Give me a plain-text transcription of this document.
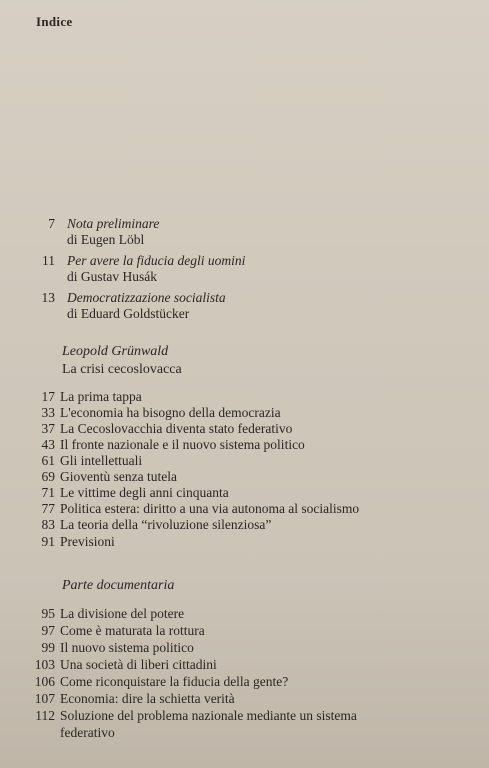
Indice
7 Nota preliminare
di Eugen Löbl
11 Per avere la fiducia degli uomini
di Gustav Husák
13 Democratizzazione socialista
di Eduard Goldstücker
Leopold Grünwald
La crisi cecoslovacca
17 La prima tappa
33 L'economia ha bisogno della democrazia
37 La Cecoslovacchia diventa stato federativo
43 Il fronte nazionale e il nuovo sistema politico
61 Gli intellettuali
69 Gioventù senza tutela
71 Le vittime degli anni cinquanta
77 Politica estera: diritto a una via autonoma al socialismo
83 La teoria della “rivoluzione silenziosa”
91 Previsioni
Parte documentaria
95 La divisione del potere
97 Come è maturata la rottura
99 Il nuovo sistema politico
103 Una società di liberi cittadini
106 Come riconquistare la fiducia della gente?
107 Economia: dire la schietta verità
112 Soluzione del problema nazionale mediante un sistema
federativo
